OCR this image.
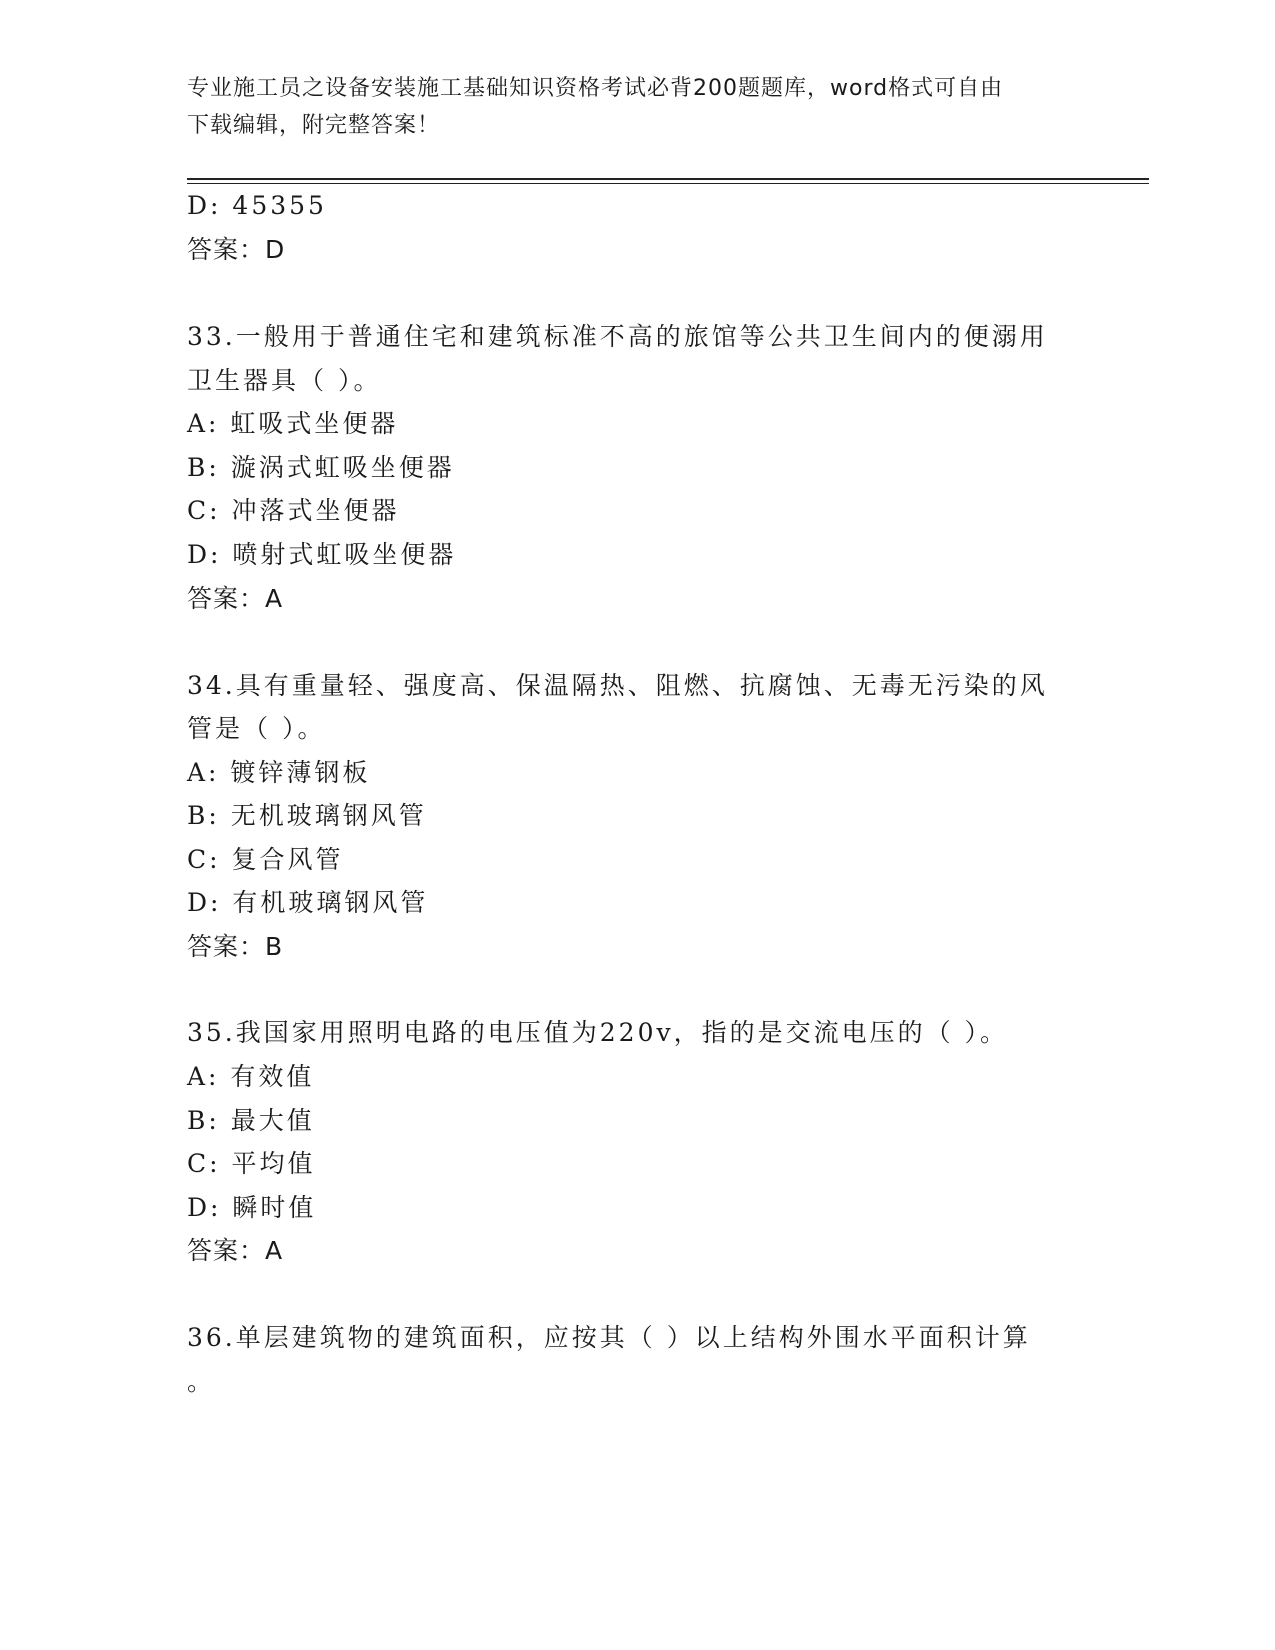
专业施工员之设备安装施工基础知识资格考试必背200题题库，word格式可自由
下载编辑，附完整答案！
D: 45355
答案：D
33.一般用于普通住宅和建筑标准不高的旅馆等公共卫生间内的便溺用
卫生器具（ ）。
A: 虹吸式坐便器
B: 漩涡式虹吸坐便器
C: 冲落式坐便器
D: 喷射式虹吸坐便器
答案：A
34.具有重量轻、强度高、保温隔热、阻燃、抗腐蚀、无毒无污染的风
管是（ ）。
A: 镀锌薄钢板
B: 无机玻璃钢风管
C: 复合风管
D: 有机玻璃钢风管
答案：B
35.我国家用照明电路的电压值为220v，指的是交流电压的（ ）。
A: 有效值
B: 最大值
C: 平均值
D: 瞬时值
答案：A
36.单层建筑物的建筑面积，应按其（ ）以上结构外围水平面积计算
。
